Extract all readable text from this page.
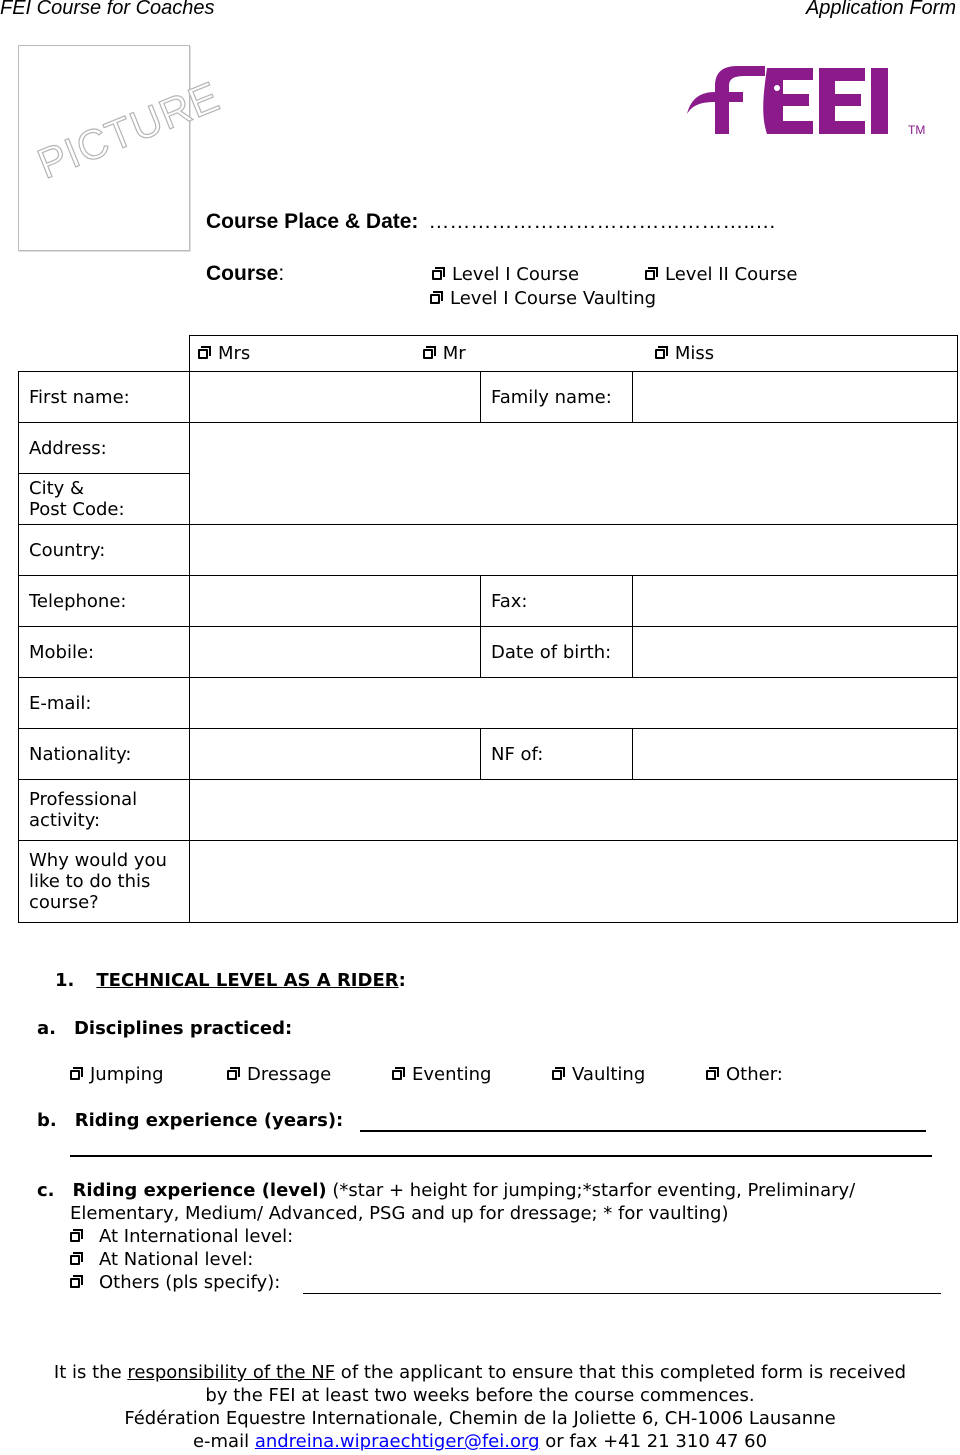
FEI Course for Coaches	Application Form
PICTURE	TM
Course Place & Date: ………………………………………..…
Course:	Level I Course	Level II Course
Level I Course Vaulting
	Mrs Mr Miss		
First name:		Family name:	
Address:			
City &
Post Code:			
Country:			
Telephone:		Fax:	
Mobile:		Date of birth:	
E-mail:			
Nationality:		NF of:	
Professional
activity:			
Why would you
like to do this
course?			
1. TECHNICAL LEVEL AS A RIDER:
a. Disciplines practiced:
Jumping	Dressage	Eventing	Vaulting	Other:
b. Riding experience (years):
c. Riding experience (level) (*star + height for jumping;*starfor eventing, Preliminary/
Elementary, Medium/ Advanced, PSG and up for dressage; * for vaulting)
At International level:
At National level:
Others (pls specify):
It is the responsibility of the NF of the applicant to ensure that this completed form is received
by the FEI at least two weeks before the course commences.
Fédération Equestre Internationale, Chemin de la Joliette 6, CH-1006 Lausanne
e-mail andreina.wipraechtiger@fei.org or fax +41 21 310 47 60
